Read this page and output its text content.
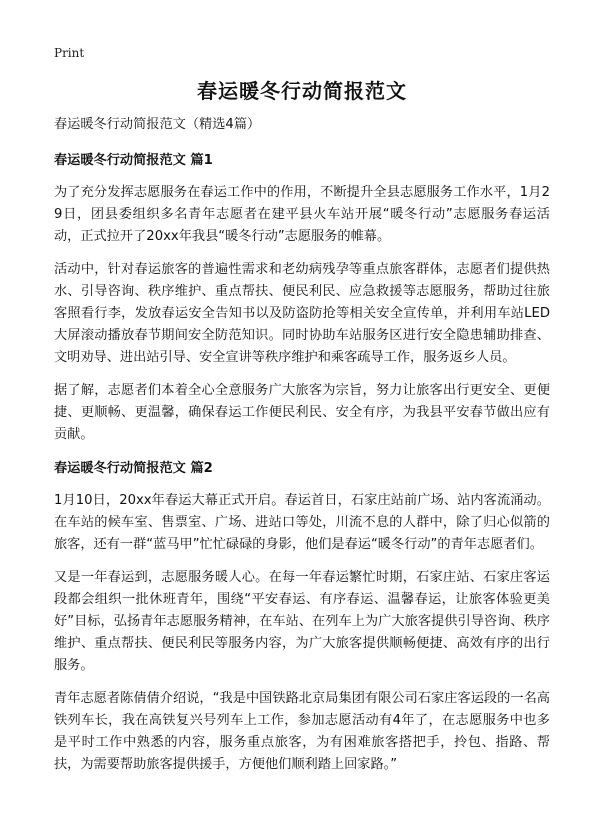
Print
春运暖冬行动简报范文
春运暖冬行动简报范文（精选4篇）
春运暖冬行动简报范文 篇1

为了充分发挥志愿服务在春运工作中的作用，不断提升全县志愿服务工作水平，1月29日，团县委组织多名青年志愿者在建平县火车站开展“暖冬行动”志愿服务春运活动，正式拉开了20xx年我县“暖冬行动”志愿服务的帷幕。

活动中，针对春运旅客的普遍性需求和老幼病残孕等重点旅客群体，志愿者们提供热水、引导咨询、秩序维护、重点帮扶、便民利民、应急救援等志愿服务，帮助过往旅客照看行李，发放春运安全告知书以及防盗防抢等相关安全宣传单，并利用车站LED大屏滚动播放春节期间安全防范知识。同时协助车站服务区进行安全隐患辅助排查、文明劝导、进出站引导、安全宣讲等秩序维护和乘客疏导工作，服务返乡人员。

据了解，志愿者们本着全心全意服务广大旅客为宗旨，努力让旅客出行更安全、更便捷、更顺畅、更温馨，确保春运工作便民利民、安全有序，为我县平安春节做出应有贡献。

春运暖冬行动简报范文 篇2

1月10日，20xx年春运大幕正式开启。春运首日，石家庄站前广场、站内客流涌动。在车站的候车室、售票室、广场、进站口等处，川流不息的人群中，除了归心似箭的旅客，还有一群“蓝马甲”忙忙碌碌的身影，他们是春运“暖冬行动”的青年志愿者们。

又是一年春运到，志愿服务暖人心。在每一年春运繁忙时期，石家庄站、石家庄客运段都会组织一批休班青年，围绕“平安春运、有序春运、温馨春运，让旅客体验更美好”目标，弘扬青年志愿服务精神，在车站、在列车上为广大旅客提供引导咨询、秩序维护、重点帮扶、便民利民等服务内容，为广大旅客提供顺畅便捷、高效有序的出行服务。

青年志愿者陈倩倩介绍说，“我是中国铁路北京局集团有限公司石家庄客运段的一名高铁列车长，我在高铁复兴号列车上工作，参加志愿活动有4年了，在志愿服务中也多是平时工作中熟悉的内容，服务重点旅客，为有困难旅客搭把手，拎包、指路、帮扶，为需要帮助旅客提供援手，方便他们顺利踏上回家路。”
